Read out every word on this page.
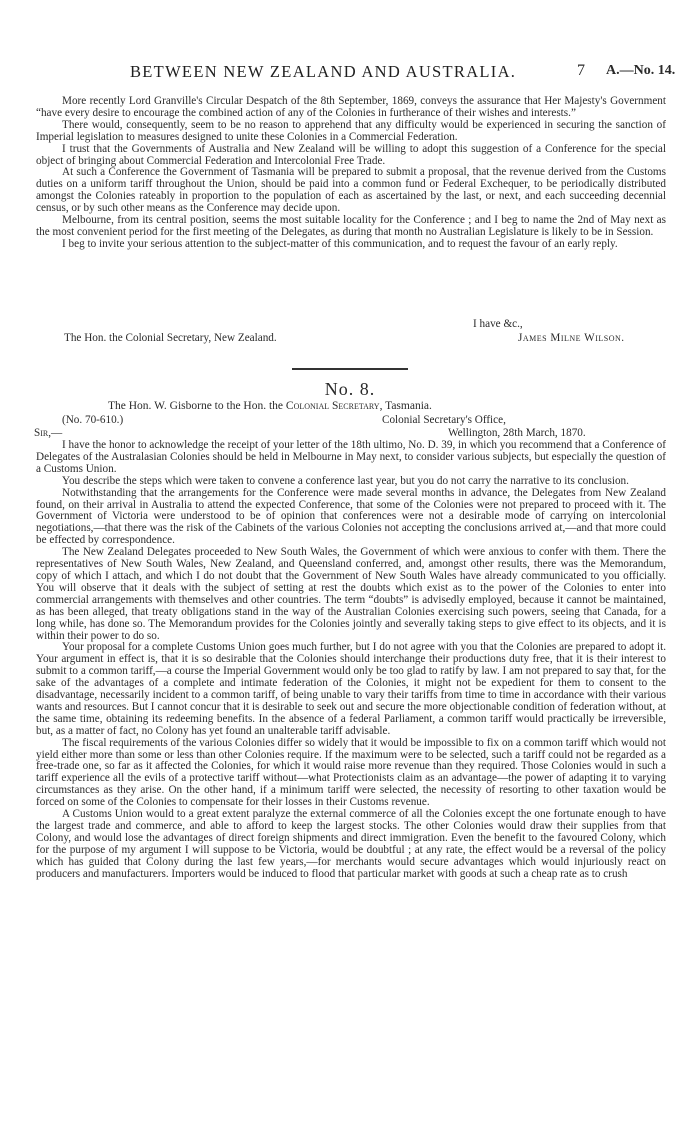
BETWEEN NEW ZEALAND AND AUSTRALIA.	7 A.—No. 14.

More recently Lord Granville's Circular Despatch of the 8th September, 1869, conveys the assurance that Her Majesty's Government “have every desire to encourage the combined action of any of the Colonies in furtherance of their wishes and interests.”

There would, consequently, seem to be no reason to apprehend that any difficulty would be experienced in securing the sanction of Imperial legislation to measures designed to unite these Colonies in a Commercial Federation.

I trust that the Governments of Australia and New Zealand will be willing to adopt this suggestion of a Conference for the special object of bringing about Commercial Federation and Intercolonial Free Trade.

At such a Conference the Government of Tasmania will be prepared to submit a proposal, that the revenue derived from the Customs duties on a uniform tariff throughout the Union, should be paid into a common fund or Federal Exchequer, to be periodically distributed amongst the Colonies rateably in proportion to the population of each as ascertained by the last, or next, and each succeeding decennial census, or by such other means as the Conference may decide upon.

Melbourne, from its central position, seems the most suitable locality for the Conference ; and I beg to name the 2nd of May next as the most convenient period for the first meeting of the Delegates, as during that month no Australian Legislature is likely to be in Session.

I beg to invite your serious attention to the subject-matter of this communication, and to request the favour of an early reply.

I have &c.,
The Hon. the Colonial Secretary, New Zealand.	James Milne Wilson.
No. 8.
The Hon. W. Gisborne to the Hon. the Colonial Secretary, Tasmania.
(No. 70-610.)	Colonial Secretary's Office,
Sir,—	Wellington, 28th March, 1870.

I have the honor to acknowledge the receipt of your letter of the 18th ultimo, No. D. 39, in which you recommend that a Conference of Delegates of the Australasian Colonies should be held in Melbourne in May next, to consider various subjects, but especially the question of a Customs Union.

You describe the steps which were taken to convene a conference last year, but you do not carry the narrative to its conclusion.

Notwithstanding that the arrangements for the Conference were made several months in advance, the Delegates from New Zealand found, on their arrival in Australia to attend the expected Conference, that some of the Colonies were not prepared to proceed with it. The Government of Victoria were understood to be of opinion that conferences were not a desirable mode of carrying on intercolonial negotiations,—that there was the risk of the Cabinets of the various Colonies not accepting the conclusions arrived at,—and that more could be effected by correspondence.

The New Zealand Delegates proceeded to New South Wales, the Government of which were anxious to confer with them. There the representatives of New South Wales, New Zealand, and Queensland conferred, and, amongst other results, there was the Memorandum, copy of which I attach, and which I do not doubt that the Government of New South Wales have already communicated to you officially. You will observe that it deals with the subject of setting at rest the doubts which exist as to the power of the Colonies to enter into commercial arrangements with themselves and other countries. The term “doubts” is advisedly employed, because it cannot be maintained, as has been alleged, that treaty obligations stand in the way of the Australian Colonies exercising such powers, seeing that Canada, for a long while, has done so. The Memorandum provides for the Colonies jointly and severally taking steps to give effect to its objects, and it is within their power to do so.

Your proposal for a complete Customs Union goes much further, but I do not agree with you that the Colonies are prepared to adopt it. Your argument in effect is, that it is so desirable that the Colonies should interchange their productions duty free, that it is their interest to submit to a common tariff,—a course the Imperial Government would only be too glad to ratify by law. I am not prepared to say that, for the sake of the advantages of a complete and intimate federation of the Colonies, it might not be expedient for them to consent to the disadvantage, necessarily incident to a common tariff, of being unable to vary their tariffs from time to time in accordance with their various wants and resources. But I cannot concur that it is desirable to seek out and secure the more objectionable condition of federation without, at the same time, obtaining its redeeming benefits. In the absence of a federal Parliament, a common tariff would practically be irreversible, but, as a matter of fact, no Colony has yet found an unalterable tariff advisable.

The fiscal requirements of the various Colonies differ so widely that it would be impossible to fix on a common tariff which would not yield either more than some or less than other Colonies require. If the maximum were to be selected, such a tariff could not be regarded as a free-trade one, so far as it affected the Colonies, for which it would raise more revenue than they required. Those Colonies would in such a tariff experience all the evils of a protective tariff without—what Protectionists claim as an advantage—the power of adapting it to varying circumstances as they arise. On the other hand, if a minimum tariff were selected, the necessity of resorting to other taxation would be forced on some of the Colonies to compensate for their losses in their Customs revenue.

A Customs Union would to a great extent paralyze the external commerce of all the Colonies except the one fortunate enough to have the largest trade and commerce, and able to afford to keep the largest stocks. The other Colonies would draw their supplies from that Colony, and would lose the advantages of direct foreign shipments and direct immigration. Even the benefit to the favoured Colony, which for the purpose of my argument I will suppose to be Victoria, would be doubtful ; at any rate, the effect would be a reversal of the policy which has guided that Colony during the last few years,—for merchants would secure advantages which would injuriously react on producers and manufacturers. Importers would be induced to flood that particular market with goods at such a cheap rate as to crush
